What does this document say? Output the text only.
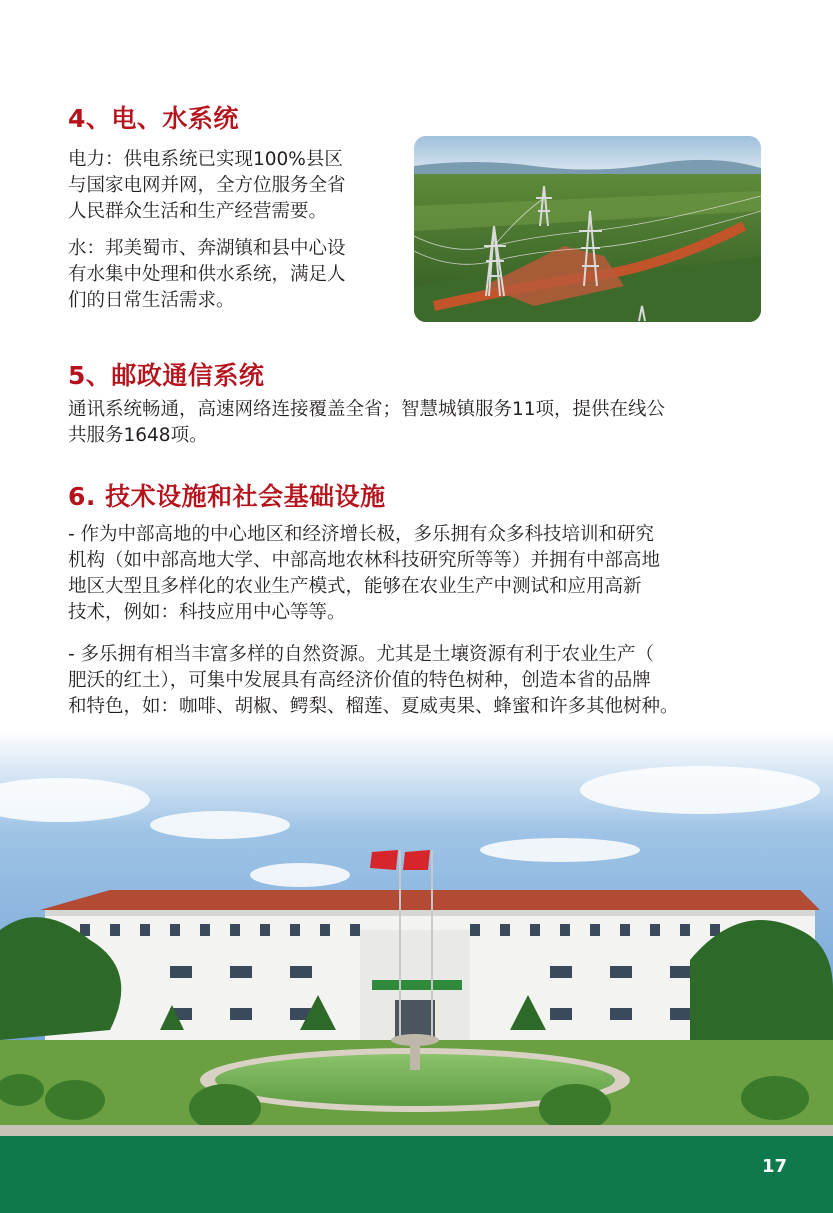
4、电、水系统

电力：供电系统已实现100%县区

与国家电网并网，全方位服务全省

人民群众生活和生产经营需要。

水：邦美蜀市、奔湖镇和县中心设

有水集中处理和供水系统，满足人

们的日常生活需求。

5、邮政通信系统

通讯系统畅通，高速网络连接覆盖全省；智慧城镇服务11项，提供在线公

共服务1648项。

6. 技术设施和社会基础设施

- 作为中部高地的中心地区和经济增长极，多乐拥有众多科技培训和研究

机构（如中部高地大学、中部高地农林科技研究所等等）并拥有中部高地

地区大型且多样化的农业生产模式，能够在农业生产中测试和应用高新

技术，例如：科技应用中心等等。

- 多乐拥有相当丰富多样的自然资源。尤其是土壤资源有利于农业生产（

肥沃的红土），可集中发展具有高经济价值的特色树种，创造本省的品牌

和特色，如：咖啡、胡椒、鳄梨、榴莲、夏威夷果、蜂蜜和许多其他树种。

17
